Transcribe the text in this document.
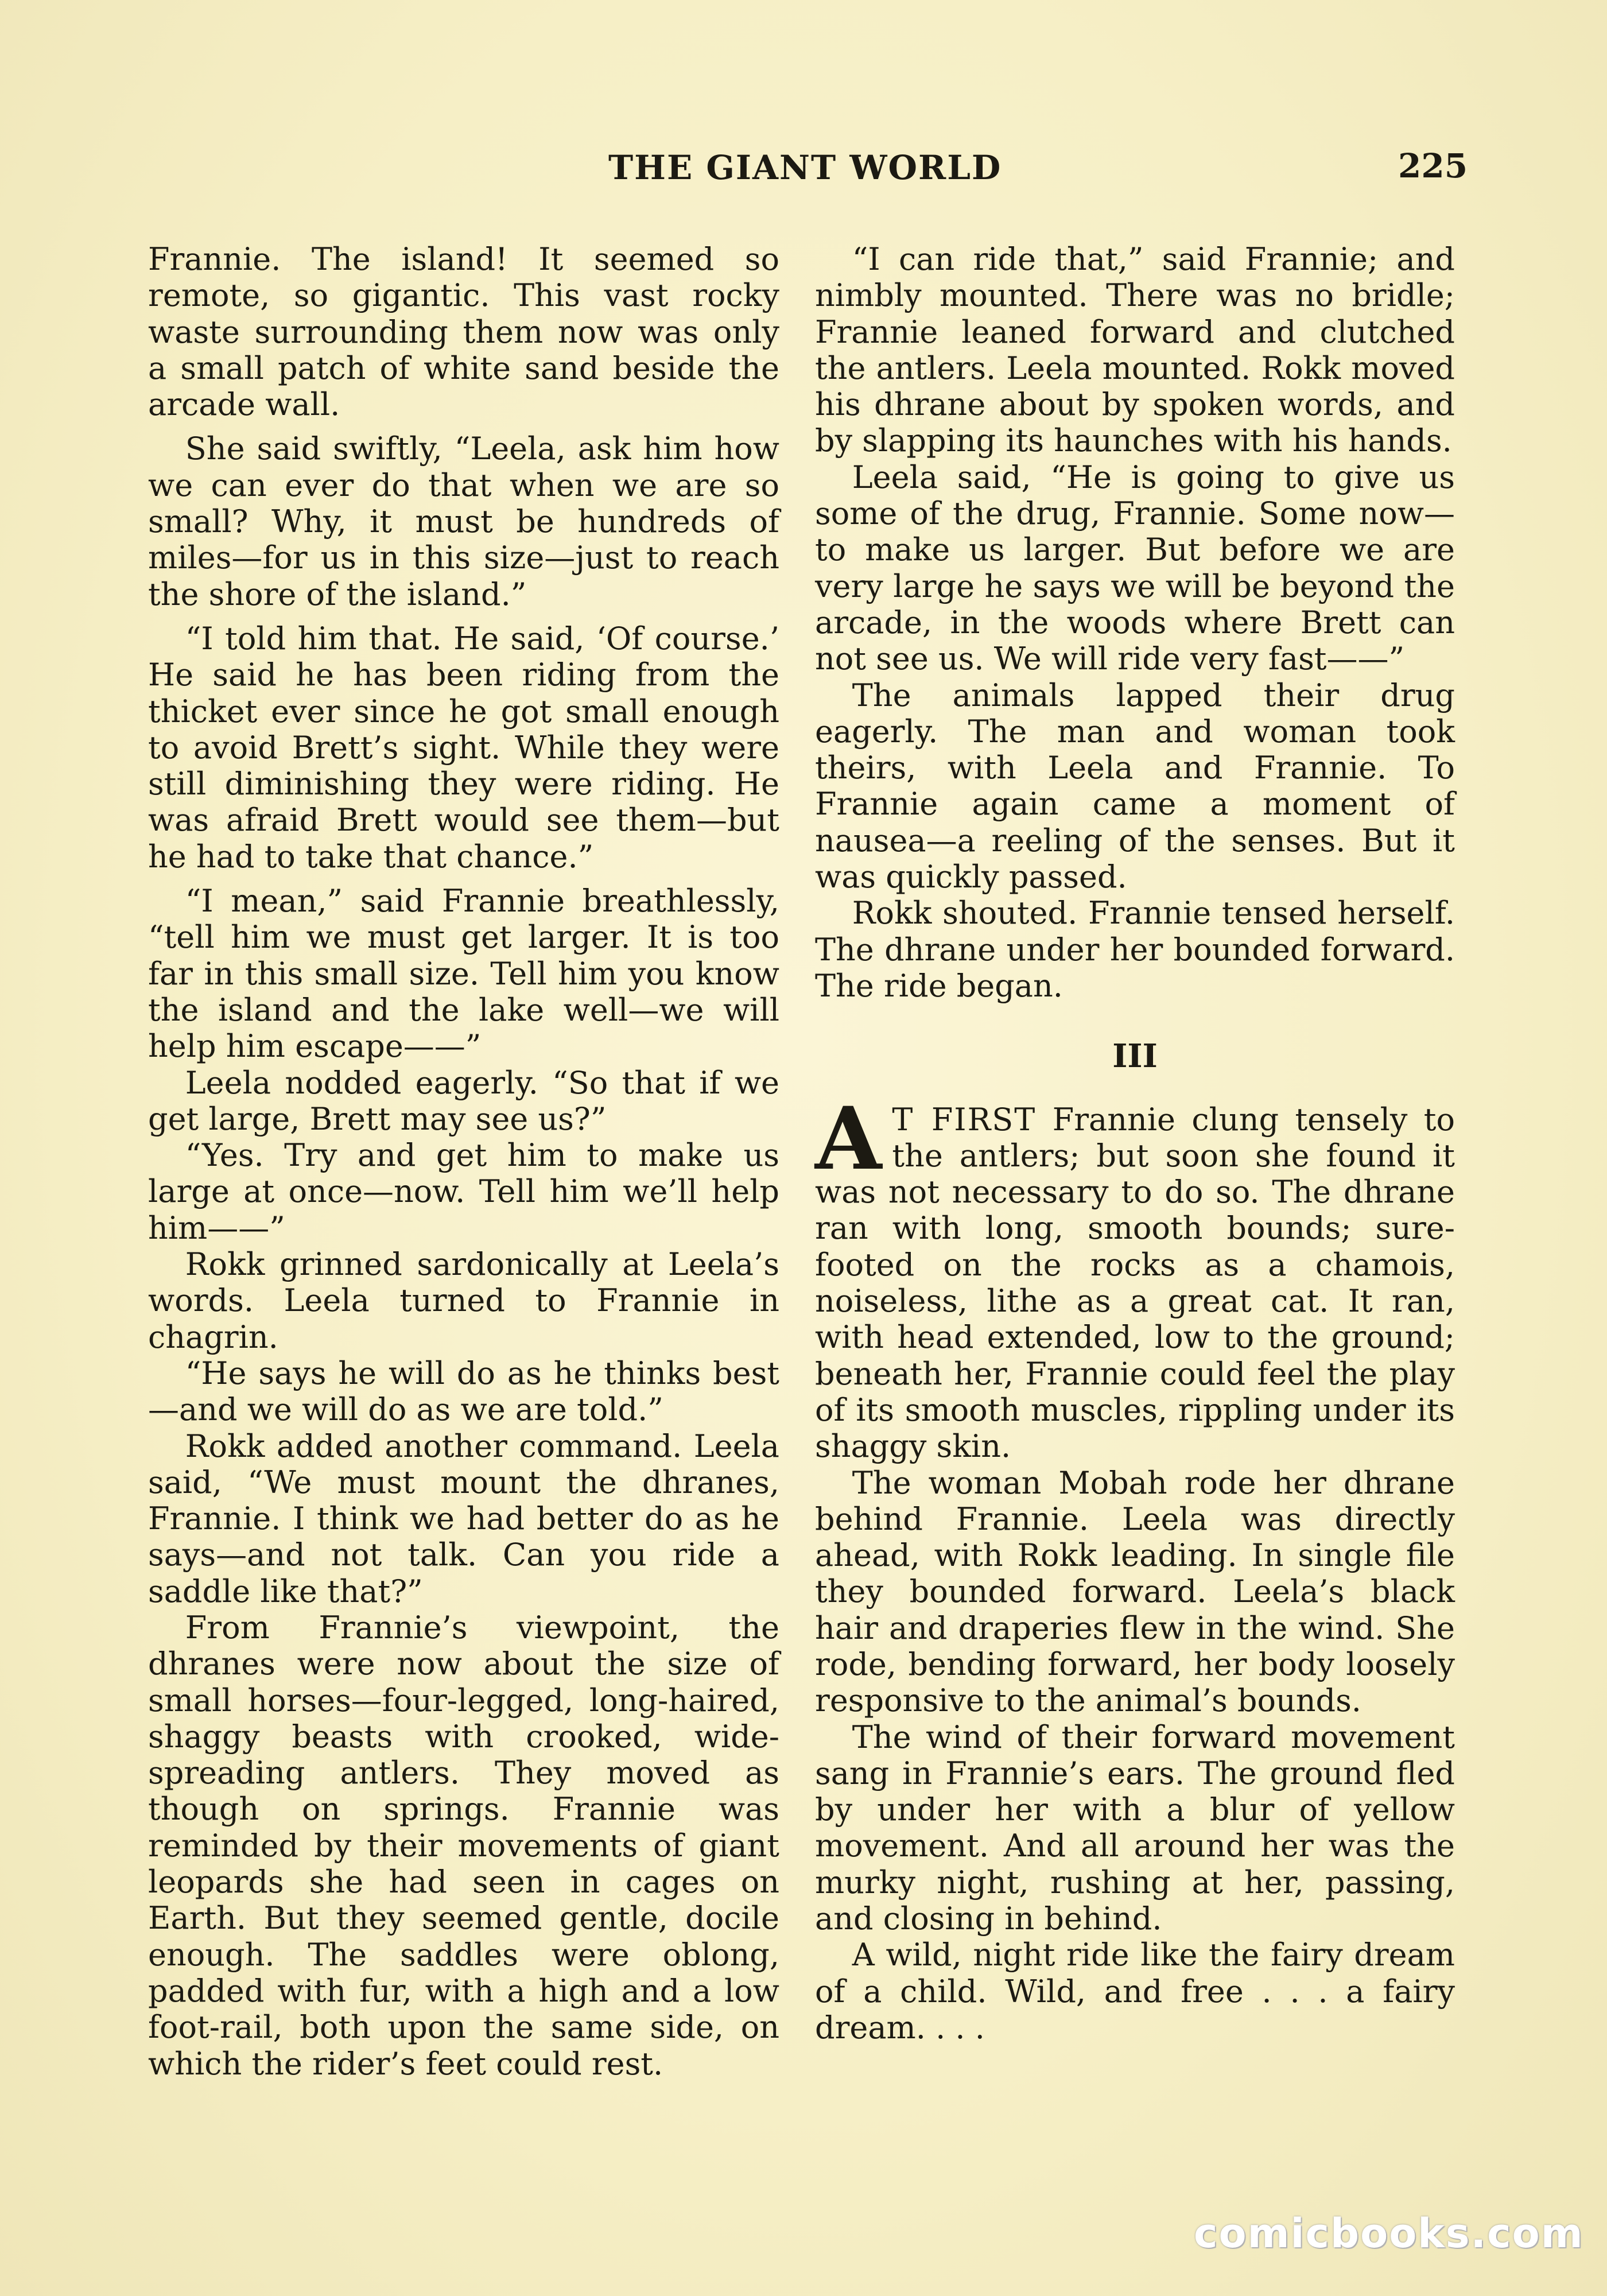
THE GIANT WORLD	225

Frannie. The island! It seemed so remote, so gigantic. This vast rocky waste surrounding them now was only a small patch of white sand beside the arcade wall.

She said swiftly, “Leela, ask him how we can ever do that when we are so small? Why, it must be hundreds of miles—for us in this size—just to reach the shore of the island.”

“I told him that. He said, ‘Of course.’ He said he has been riding from the thicket ever since he got small enough to avoid Brett’s sight. While they were still diminishing they were riding. He was afraid Brett would see them—but he had to take that chance.”

“I mean,” said Frannie breathlessly, “tell him we must get larger. It is too far in this small size. Tell him you know the island and the lake well—we will help him escape——”

Leela nodded eagerly. “So that if we get large, Brett may see us?”

“Yes. Try and get him to make us large at once—now. Tell him we’ll help him——”

Rokk grinned sardonically at Leela’s words. Leela turned to Frannie in chagrin.

“He says he will do as he thinks best—and we will do as we are told.”

Rokk added another command. Leela said, “We must mount the dhranes, Frannie. I think we had better do as he says—and not talk. Can you ride a saddle like that?”

From Frannie’s viewpoint, the dhranes were now about the size of small horses—four-legged, long-haired, shaggy beasts with crooked, wide-spreading antlers. They moved as though on springs. Frannie was reminded by their movements of giant leopards she had seen in cages on Earth. But they seemed gentle, docile enough. The saddles were oblong, padded with fur, with a high and a low foot-rail, both upon the same side, on which the rider’s feet could rest.

“I can ride that,” said Frannie; and nimbly mounted. There was no bridle; Frannie leaned forward and clutched the antlers. Leela mounted. Rokk moved his dhrane about by spoken words, and by slapping its haunches with his hands.

Leela said, “He is going to give us some of the drug, Frannie. Some now—to make us larger. But before we are very large he says we will be beyond the arcade, in the woods where Brett can not see us. We will ride very fast——”

The animals lapped their drug eagerly. The man and woman took theirs, with Leela and Frannie. To Frannie again came a moment of nausea—a reeling of the senses. But it was quickly passed.

Rokk shouted. Frannie tensed herself. The dhrane under her bounded forward. The ride began.

III

A T FIRST Frannie clung tensely to the antlers; but soon she found it was not necessary to do so. The dhrane ran with long, smooth bounds; sure-footed on the rocks as a chamois, noiseless, lithe as a great cat. It ran, with head extended, low to the ground; beneath her, Frannie could feel the play of its smooth muscles, rippling under its shaggy skin.

The woman Mobah rode her dhrane behind Frannie. Leela was directly ahead, with Rokk leading. In single file they bounded forward. Leela’s black hair and draperies flew in the wind. She rode, bending forward, her body loosely responsive to the animal’s bounds.

The wind of their forward movement sang in Frannie’s ears. The ground fled by under her with a blur of yellow movement. And all around her was the murky night, rushing at her, passing, and closing in behind.

A wild, night ride like the fairy dream of a child. Wild, and free . . . a fairy dream. . . .

comicbooks.com
